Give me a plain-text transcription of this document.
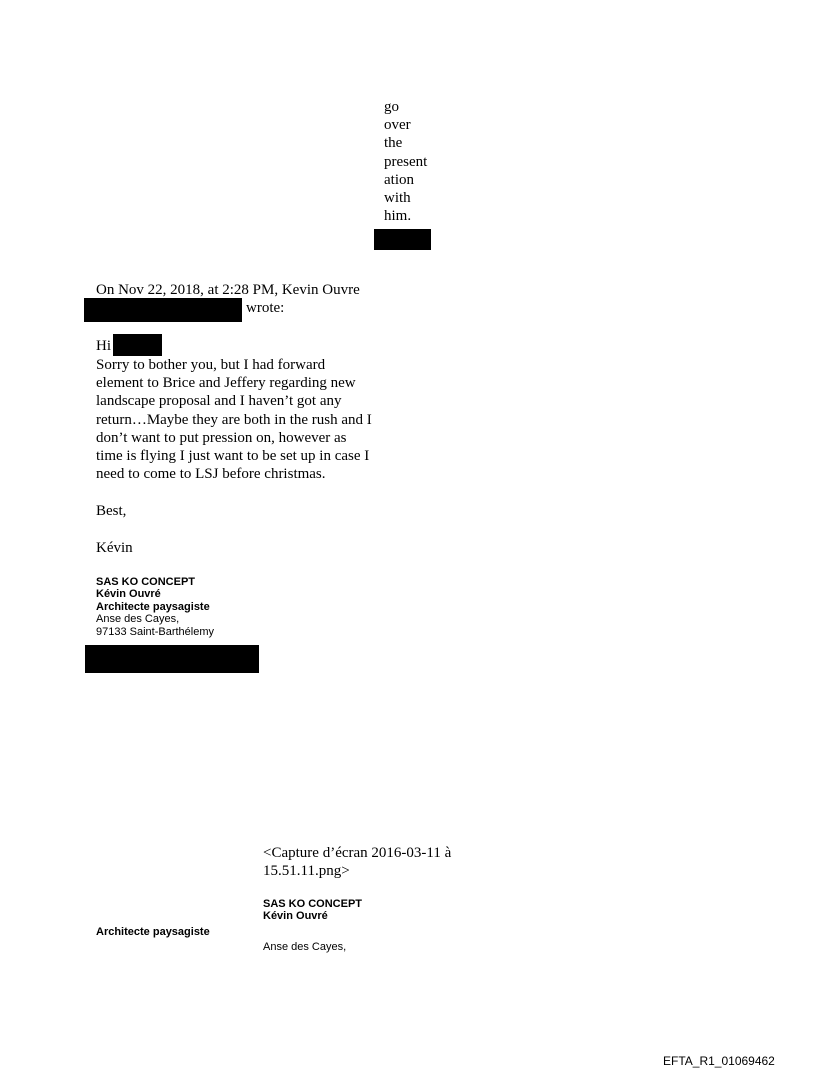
go
over
the
present
ation
with
him.
On Nov 22, 2018, at 2:28 PM, Kevin Ouvre
wrote:
Hi
Sorry to bother you, but I had forward
element to Brice and Jeffery regarding new
landscape proposal and I haven’t got any
return…Maybe they are both in the rush and I
don’t want to put pression on, however as
time is flying I just want to be set up in case I
need to come to LSJ before christmas.
Best,
Kévin
SAS KO CONCEPT
Kévin Ouvré
Architecte paysagiste
Anse des Cayes,
97133 Saint-Barthélemy
<Capture d’écran 2016-03-11 à
15.51.11.png>
SAS KO CONCEPT
Kévin Ouvré
Architecte paysagiste
Anse des Cayes,
EFTA_R1_01069462
